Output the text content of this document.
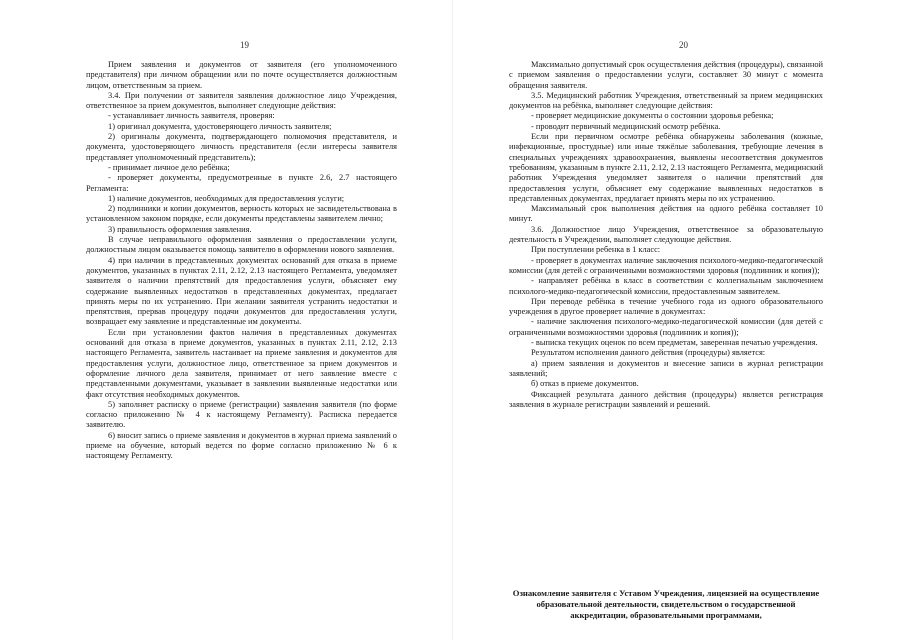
19

Прием заявления и документов от заявителя (его уполномоченного представителя) при личном обращении или по почте осуществляется должностным лицом, ответственным за прием.

3.4. При получении от заявителя заявления должностное лицо Учреждения, ответственное за прием документов, выполняет следующие действия:

- устанавливает личность заявителя, проверяя:

1) оригинал документа, удостоверяющего личность заявителя;

2) оригиналы документа, подтверждающего полномочия представителя, и документа, удостоверяющего личность представителя (если интересы заявителя представляет уполномоченный представитель);

- принимает личное дело ребёнка;

- проверяет документы, предусмотренные в пункте 2.6, 2.7 настоящего Регламента:

1) наличие документов, необходимых для предоставления услуги;

2) подлинники и копии документов, верность которых не засвидетельствована в установленном законом порядке, если документы представлены заявителем лично;

3) правильность оформления заявления.

В случае неправильного оформления заявления о предоставлении услуги, должностным лицом оказывается помощь заявителю в оформлении нового заявления.

4) при наличии в представленных документах оснований для отказа в приеме документов, указанных в пунктах 2.11, 2.12, 2.13 настоящего Регламента, уведомляет заявителя о наличии препятствий для предоставления услуги, объясняет ему содержание выявленных недостатков в представленных документах, предлагает принять меры по их устранению. При желании заявителя устранить недостатки и препятствия, прервав процедуру подачи документов для предоставления услуги, возвращает ему заявление и представленные им документы.

Если при установлении фактов наличия в представленных документах оснований для отказа в приеме документов, указанных в пунктах 2.11, 2.12, 2.13 настоящего Регламента, заявитель настаивает на приеме заявления и документов для предоставления услуги, должностное лицо, ответственное за прием документов и оформление личного дела заявителя, принимает от него заявление вместе с представленными документами, указывает в заявлении выявленные недостатки или факт отсутствия необходимых документов.

5) заполняет расписку о приеме (регистрации) заявления заявителя (по форме согласно приложению № 4 к настоящему Регламенту). Расписка передается заявителю.

6) вносит запись о приеме заявления и документов в журнал приема заявлений о приеме на обучение, который ведется по форме согласно приложению № 6 к настоящему Регламенту.

20

Максимально допустимый срок осуществления действия (процедуры), связанной с приемом заявления о предоставлении услуги, составляет 30 минут с момента обращения заявителя.

3.5. Медицинский работник Учреждения, ответственный за прием медицинских документов на ребёнка, выполняет следующие действия:

- проверяет медицинские документы о состоянии здоровья ребенка;

- проводит первичный медицинский осмотр ребёнка.

Если при первичном осмотре ребёнка обнаружены заболевания (кожные, инфекционные, простудные) или иные тяжёлые заболевания, требующие лечения в специальных учреждениях здравоохранения, выявлены несоответствия документов требованиям, указанным в пункте 2.11, 2.12, 2.13 настоящего Регламента, медицинский работник Учреждения уведомляет заявителя о наличии препятствий для предоставления услуги, объясняет ему содержание выявленных недостатков в представленных документах, предлагает принять меры по их устранению.

Максимальный срок выполнения действия на одного ребёнка составляет 10 минут.

3.6. Должностное лицо Учреждения, ответственное за образовательную деятельность в Учреждении, выполняет следующие действия.

При поступлении ребенка в 1 класс:

- проверяет в документах наличие заключения психолого-медико-педагогической комиссии (для детей с ограниченными возможностями здоровья (подлинник и копия));

- направляет ребёнка в класс в соответствии с коллегиальным заключением психолого-медико-педагогической комиссии, предоставленным заявителем.

При переводе ребёнка в течение учебного года из одного образовательного учреждения в другое проверяет наличие в документах:

- наличие заключения психолого-медико-педагогической комиссии (для детей с ограниченными возможностями здоровья (подлинник и копия));

- выписка текущих оценок по всем предметам, заверенная печатью учреждения.

Результатом исполнения данного действия (процедуры) является:

а) прием заявления и документов и внесение записи в журнал регистрации заявлений;

б) отказ в приеме документов.

Фиксацией результата данного действия (процедуры) является регистрация заявления в журнале регистрации заявлений и решений.

Ознакомление заявителя с Уставом Учреждения, лицензией на осуществление образовательной деятельности, свидетельством о государственной аккредитации, образовательными программами,
